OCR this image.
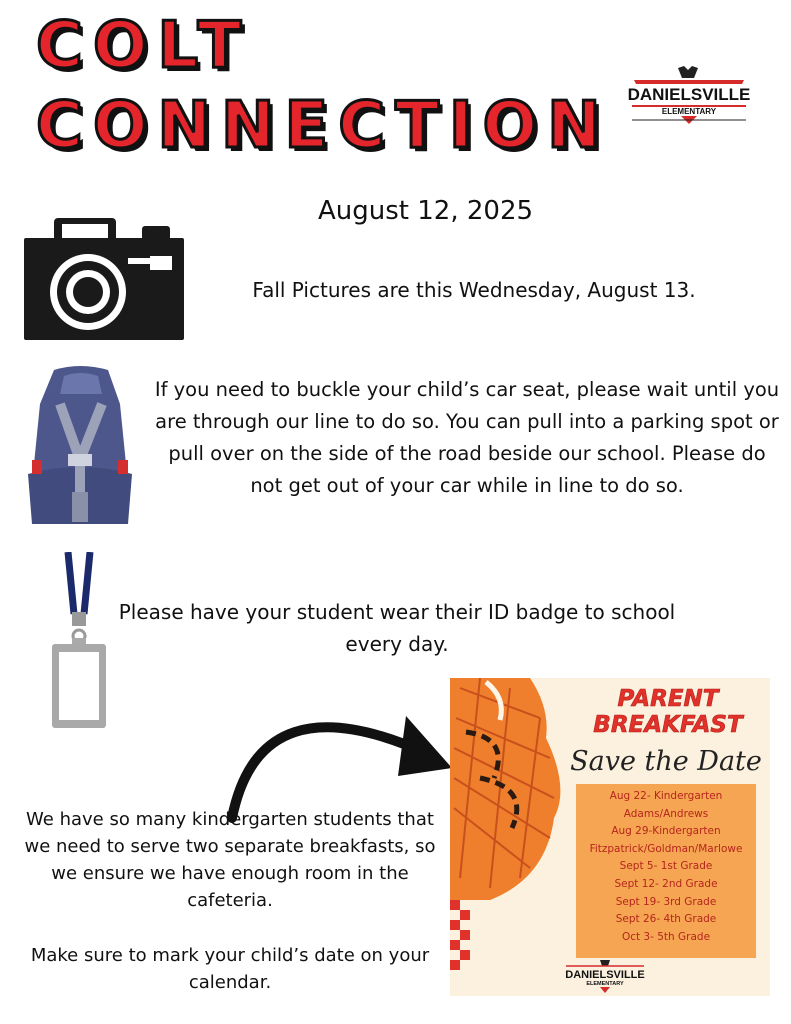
COLT
CONNECTION DANIELSVILLE
ELEMENTARY
August 12, 2025
Fall Pictures are this Wednesday, August 13.
If you need to buckle your child’s car seat, please wait until you are through our line to do so. You can pull into a parking spot or pull over on the side of the road beside our school. Please do not get out of your car while in line to do so.
Please have your student wear their ID badge to school every day.
We have so many kindergarten students that we need to serve two separate breakfasts, so we ensure we have enough room in the cafeteria.
Make sure to mark your child’s date on your calendar.
PARENT
BREAKFAST
Save the Date
Aug 22- Kindergarten
Adams/Andrews
Aug 29-Kindergarten
Fitzpatrick/Goldman/Marlowe
Sept 5- 1st Grade
Sept 12- 2nd Grade
Sept 19- 3rd Grade
Sept 26- 4th Grade
Oct 3- 5th Grade
DANIELSVILLE
ELEMENTARY
